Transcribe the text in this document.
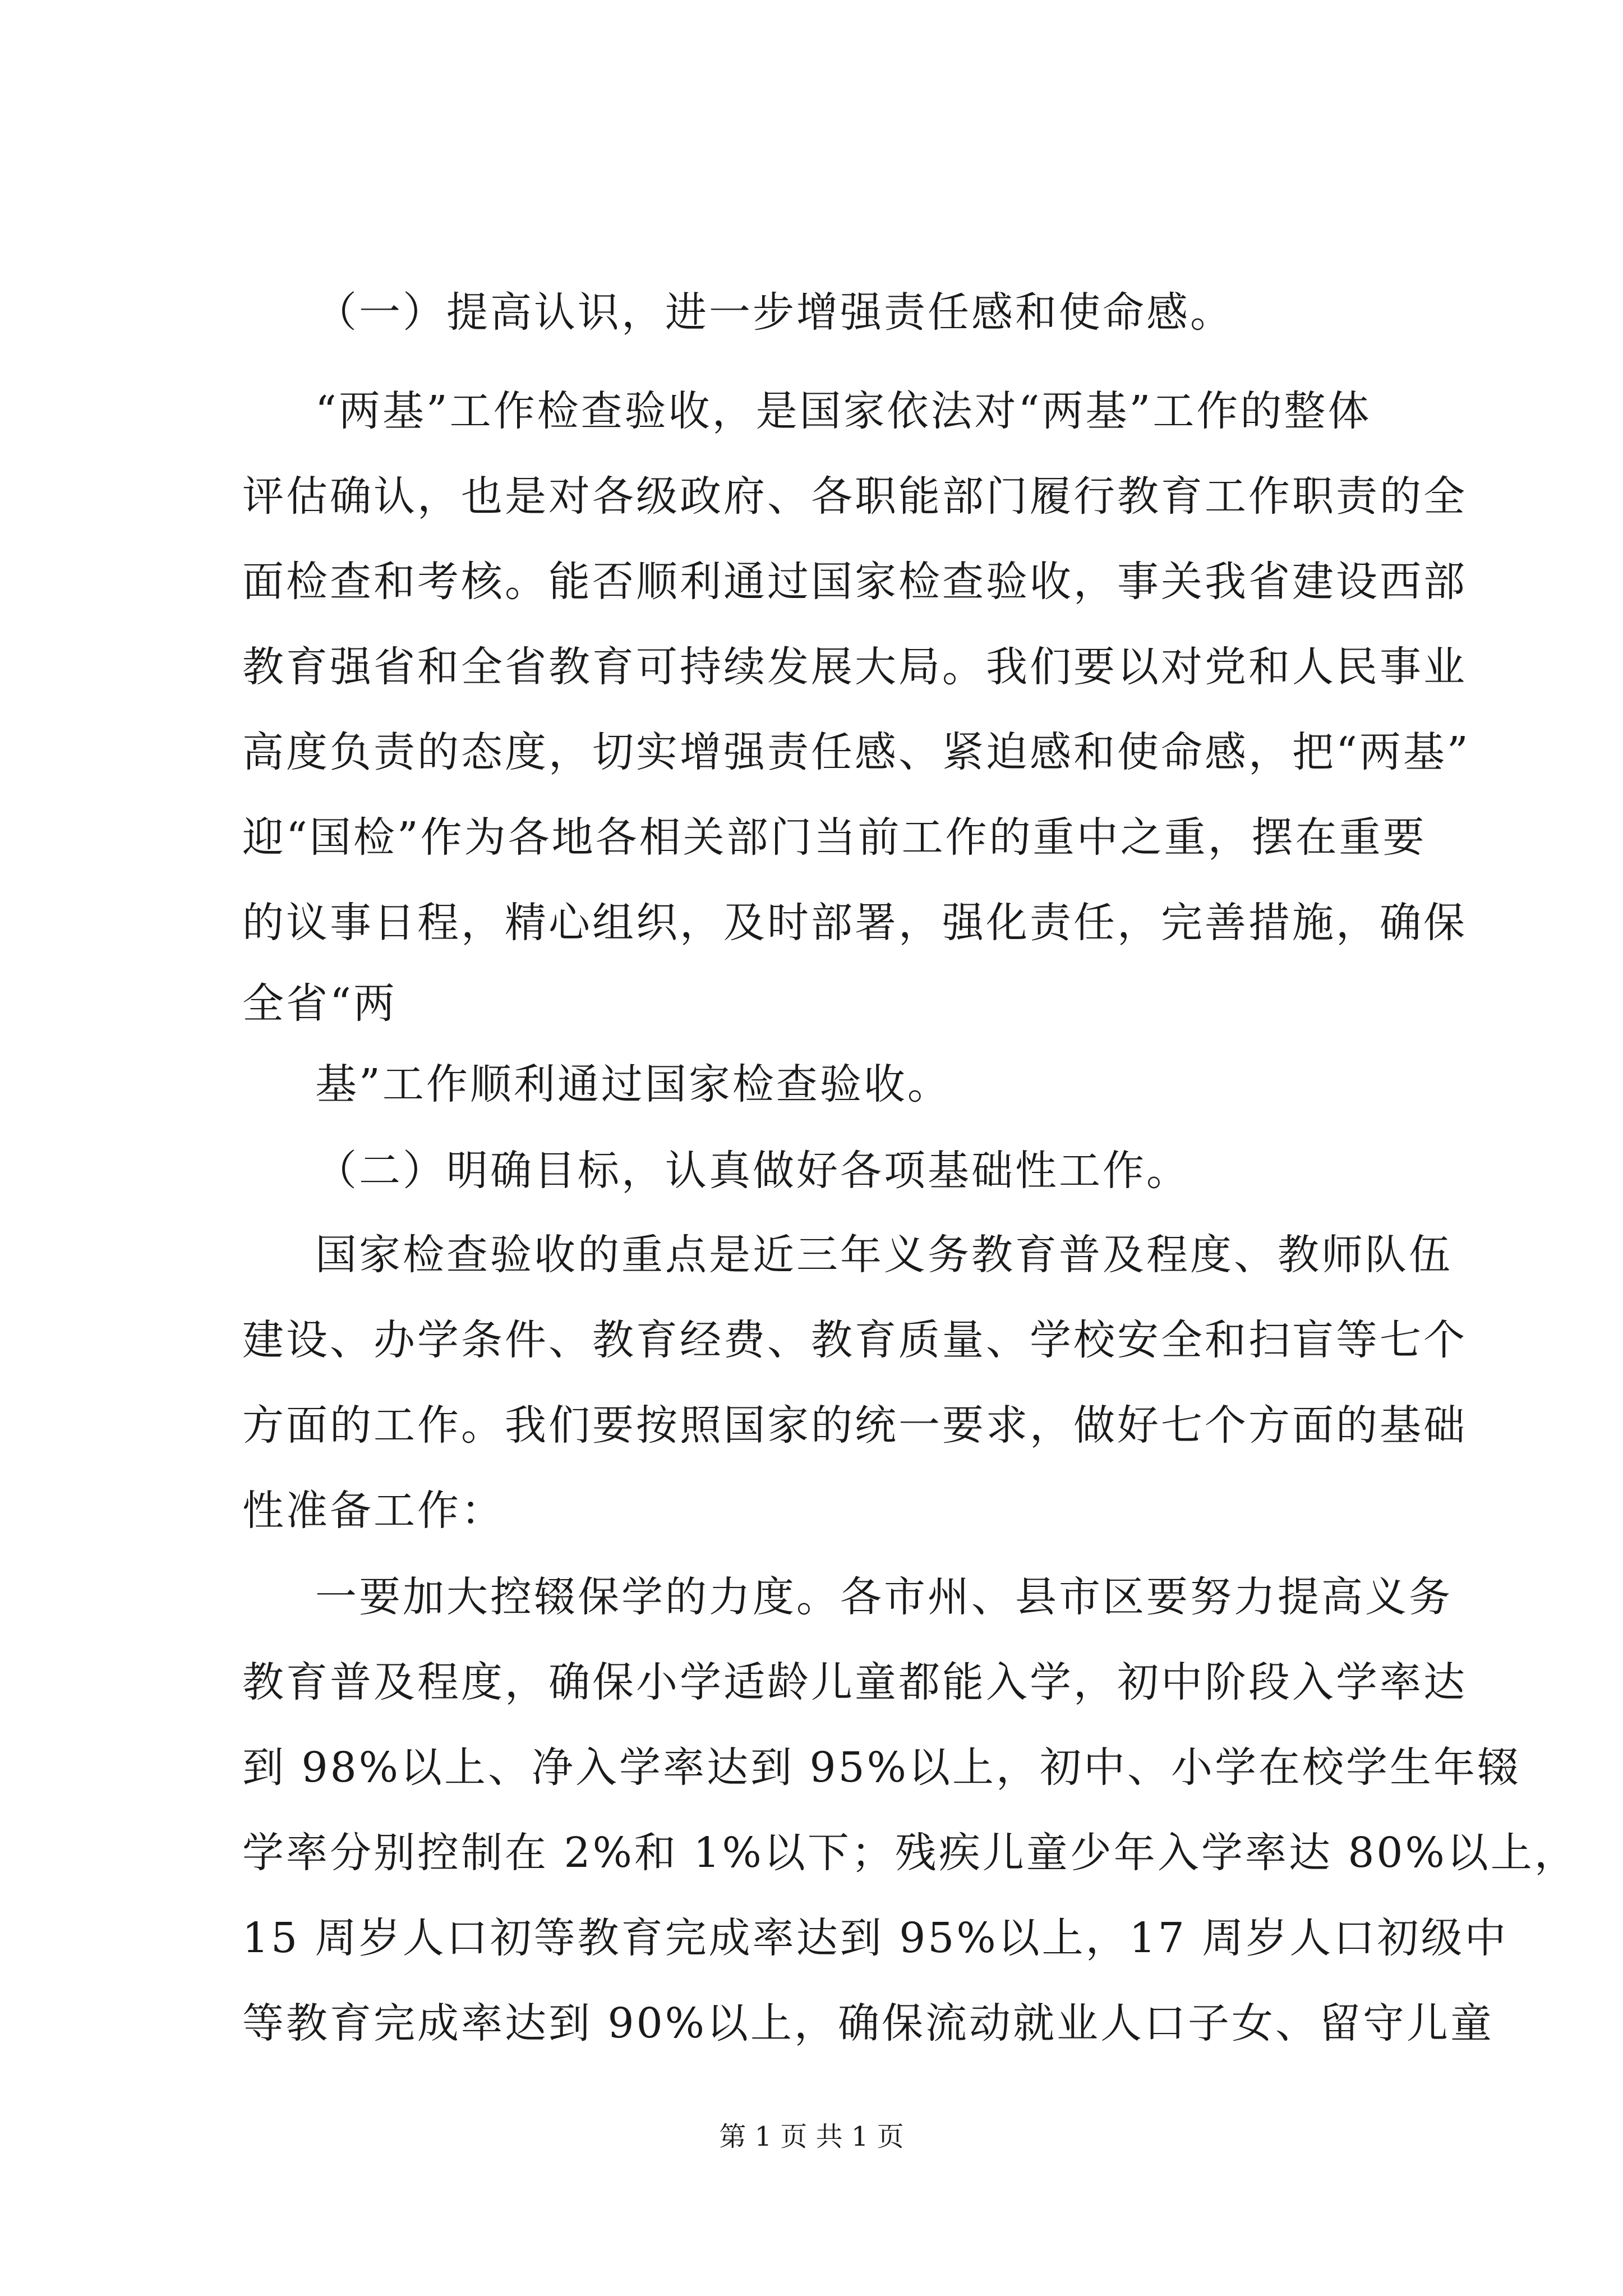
（一）提高认识，进一步增强责任感和使命感。
“两基”工作检查验收，是国家依法对“两基”工作的整体
评估确认，也是对各级政府、各职能部门履行教育工作职责的全
面检查和考核。能否顺利通过国家检查验收，事关我省建设西部
教育强省和全省教育可持续发展大局。我们要以对党和人民事业
高度负责的态度，切实增强责任感、紧迫感和使命感，把“两基”
迎“国检”作为各地各相关部门当前工作的重中之重，摆在重要
的议事日程，精心组织，及时部署，强化责任，完善措施，确保
全省“两
基”工作顺利通过国家检查验收。
（二）明确目标，认真做好各项基础性工作。
国家检查验收的重点是近三年义务教育普及程度、教师队伍
建设、办学条件、教育经费、教育质量、学校安全和扫盲等七个
方面的工作。我们要按照国家的统一要求，做好七个方面的基础
性准备工作：
一要加大控辍保学的力度。各市州、县市区要努力提高义务
教育普及程度，确保小学适龄儿童都能入学，初中阶段入学率达
到 98%以上、净入学率达到 95%以上，初中、小学在校学生年辍
学率分别控制在 2%和 1%以下；残疾儿童少年入学率达 80%以上，
15 周岁人口初等教育完成率达到 95%以上，17 周岁人口初级中
等教育完成率达到 90%以上，确保流动就业人口子女、留守儿童
第 1 页 共 1 页
